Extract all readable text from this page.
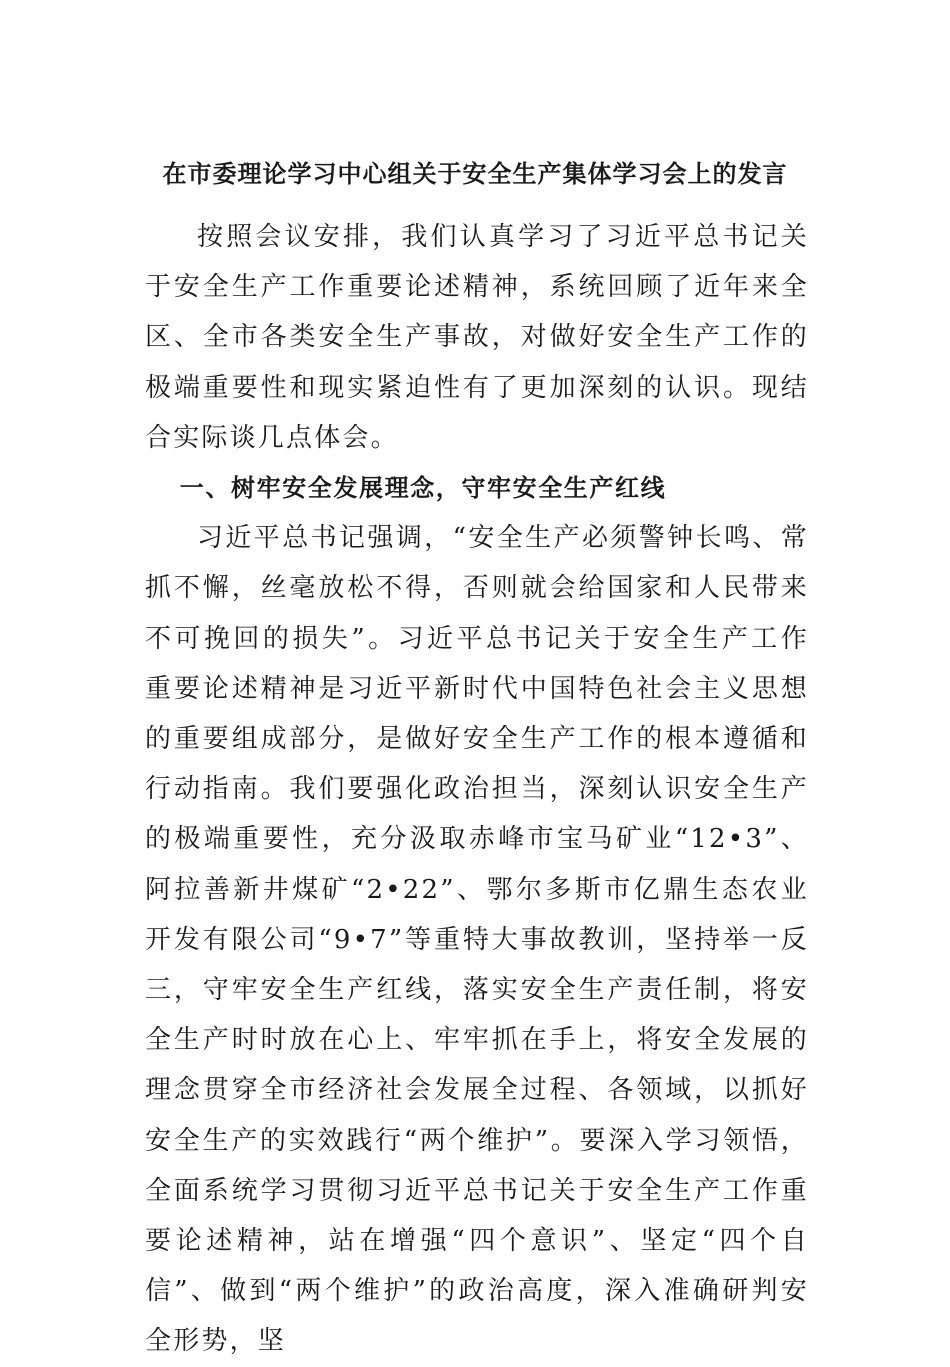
在市委理论学习中心组关于安全生产集体学习会上的发言

按照会议安排，我们认真学习了习近平总书记关于安全生产工作重要论述精神，系统回顾了近年来全区、全市各类安全生产事故，对做好安全生产工作的极端重要性和现实紧迫性有了更加深刻的认识。现结合实际谈几点体会。

一、树牢安全发展理念，守牢安全生产红线

习近平总书记强调，“安全生产必须警钟长鸣、常抓不懈，丝毫放松不得，否则就会给国家和人民带来不可挽回的损失”。习近平总书记关于安全生产工作重要论述精神是习近平新时代中国特色社会主义思想的重要组成部分，是做好安全生产工作的根本遵循和行动指南。我们要强化政治担当，深刻认识安全生产的极端重要性，充分汲取赤峰市宝马矿业“12•3”、阿拉善新井煤矿“2•22”、鄂尔多斯市亿鼎生态农业开发有限公司“9•7”等重特大事故教训，坚持举一反三，守牢安全生产红线，落实安全生产责任制，将安全生产时时放在心上、牢牢抓在手上，将安全发展的理念贯穿全市经济社会发展全过程、各领域，以抓好安全生产的实效践行“两个维护”。要深入学习领悟，全面系统学习贯彻习近平总书记关于安全生产工作重要论述精神，站在增强“四个意识”、坚定“四个自信”、做到“两个维护”的政治高度，深入准确研判安全形势，坚
